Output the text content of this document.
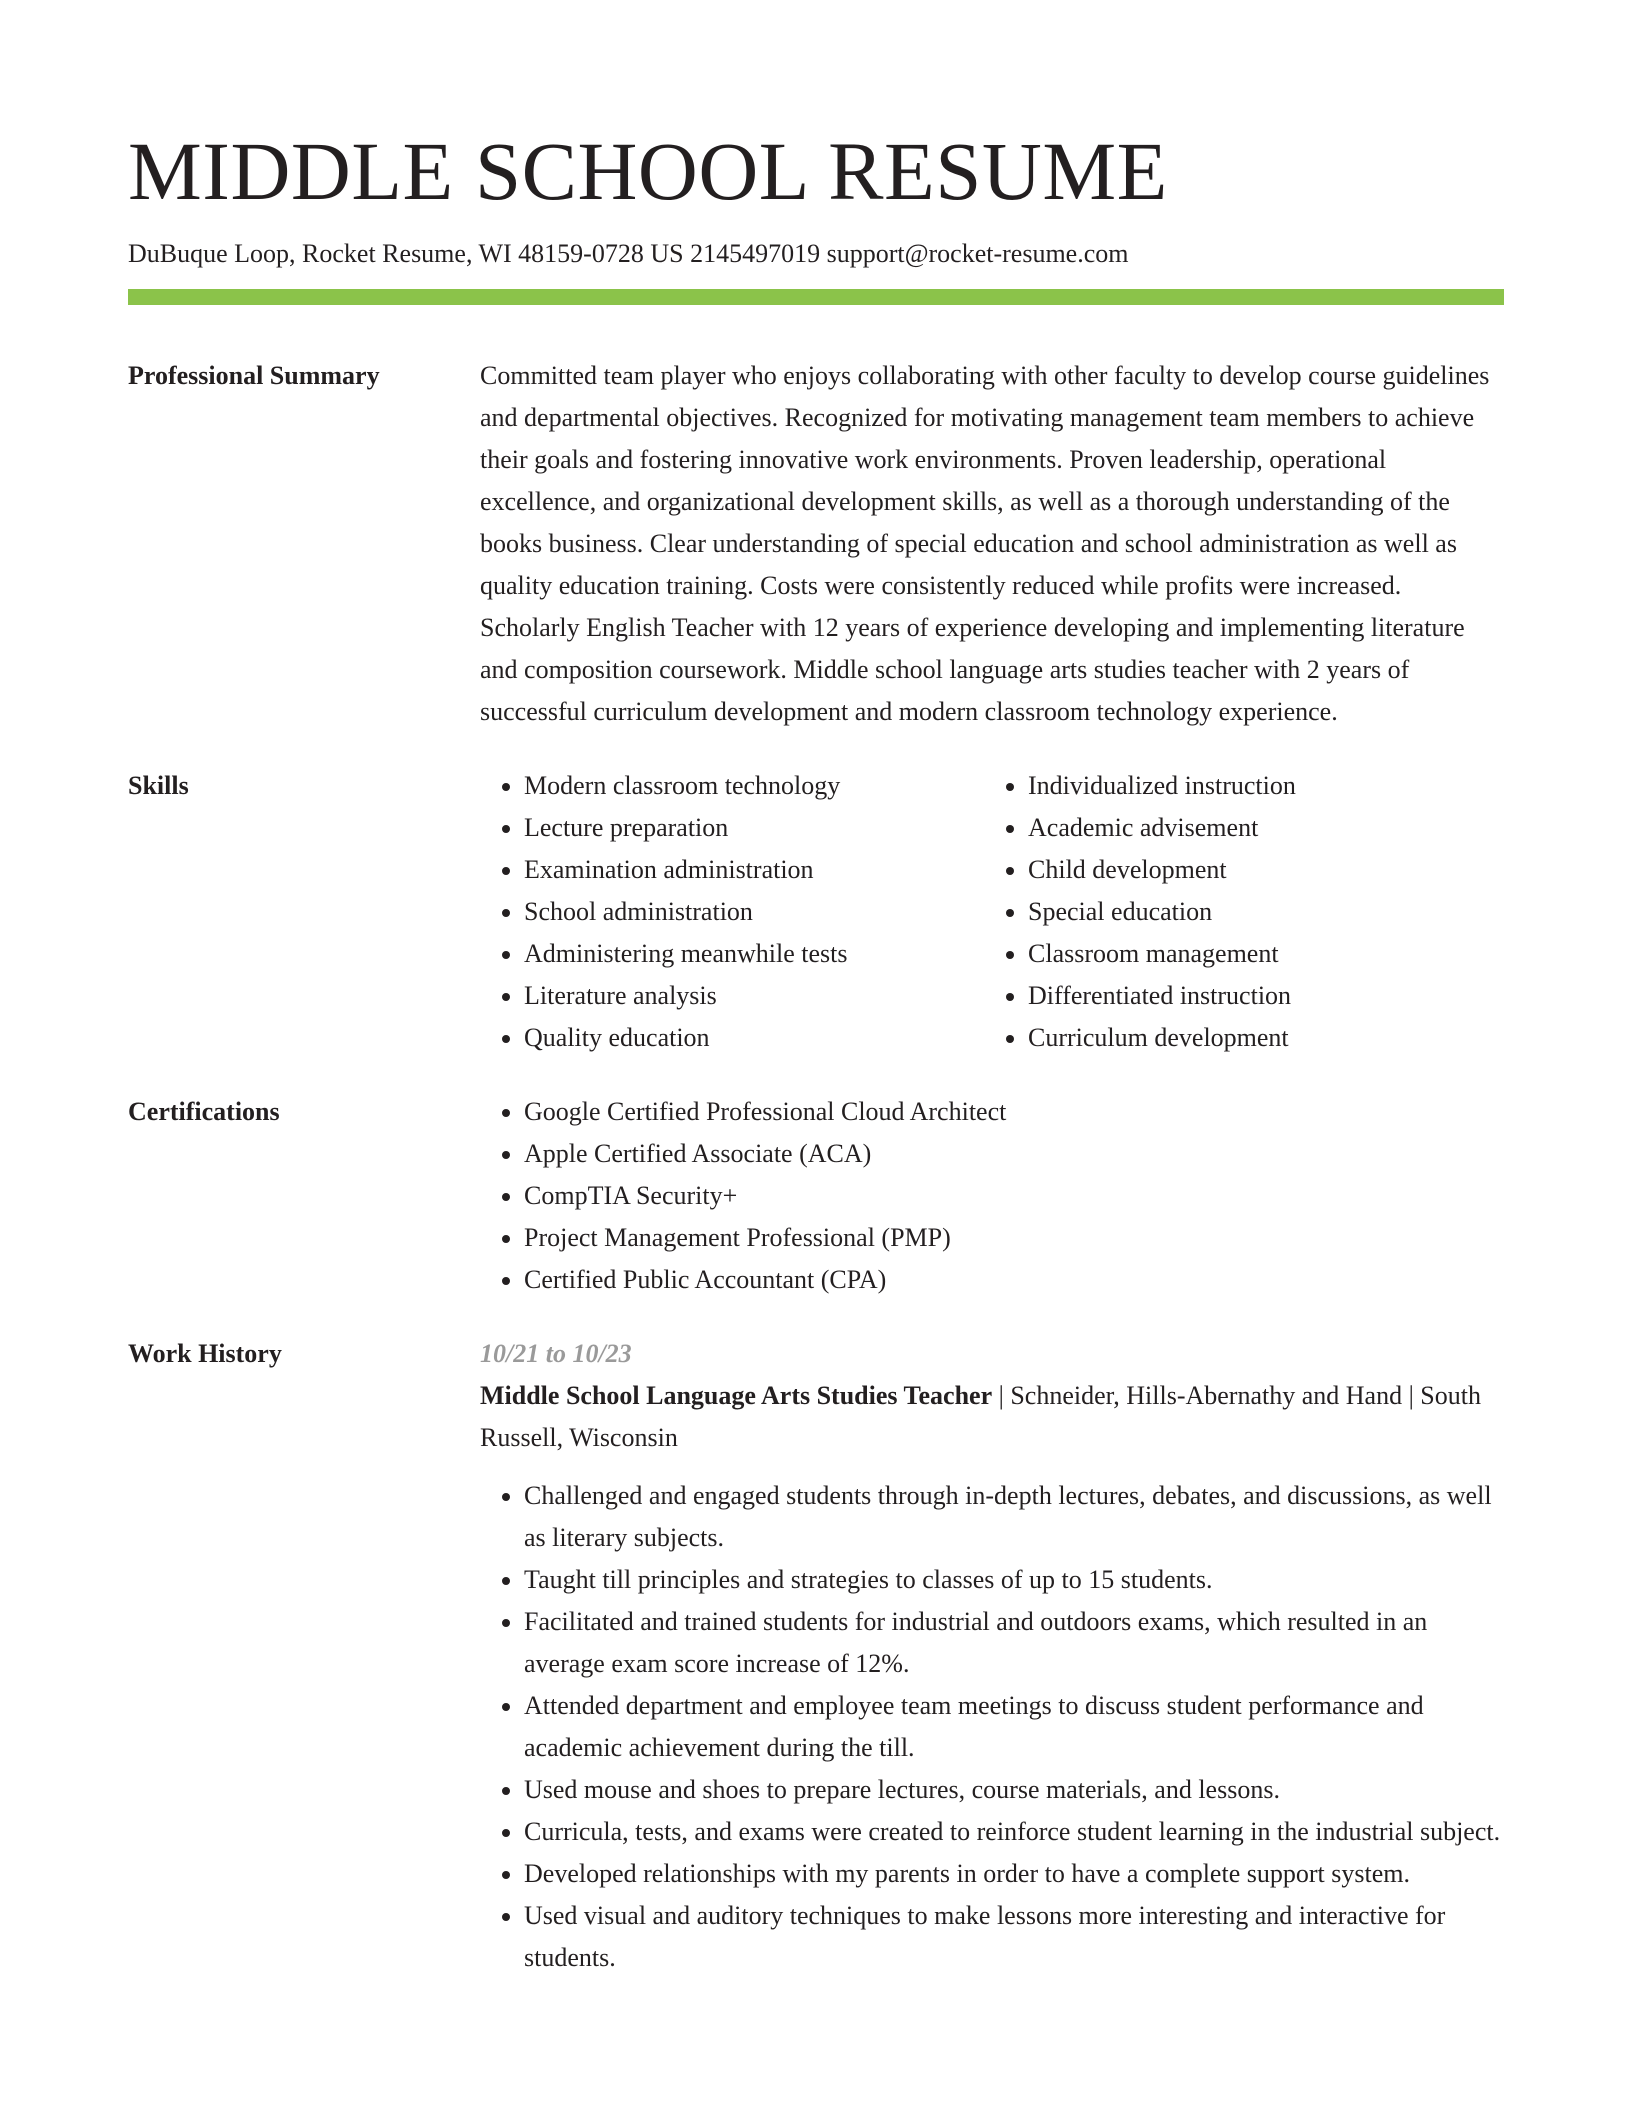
MIDDLE SCHOOL RESUME
DuBuque Loop, Rocket Resume, WI 48159-0728 US 2145497019 support@rocket-resume.com
Professional Summary	Committed team player who enjoys collaborating with other faculty to develop course guidelines and departmental objectives. Recognized for motivating management team members to achieve their goals and fostering innovative work environments. Proven leadership, operational excellence, and organizational development skills, as well as a thorough understanding of the books business. Clear understanding of special education and school administration as well as quality education training. Costs were consistently reduced while profits were increased. Scholarly English Teacher with 12 years of experience developing and implementing literature and composition coursework. Middle school language arts studies teacher with 2 years of successful curriculum development and modern classroom technology experience.
Skills	• Modern classroom technology
• Lecture preparation
• Examination administration
• School administration
• Administering meanwhile tests
• Literature analysis
• Quality education
• Individualized instruction
• Academic advisement
• Child development
• Special education
• Classroom management
• Differentiated instruction
• Curriculum development
Certifications	• Google Certified Professional Cloud Architect
• Apple Certified Associate (ACA)
• CompTIA Security+
• Project Management Professional (PMP)
• Certified Public Accountant (CPA)
Work History	10/21 to 10/23
Middle School Language Arts Studies Teacher | Schneider, Hills-Abernathy and Hand | South Russell, Wisconsin
• Challenged and engaged students through in-depth lectures, debates, and discussions, as well as literary subjects.
• Taught till principles and strategies to classes of up to 15 students.
• Facilitated and trained students for industrial and outdoors exams, which resulted in an average exam score increase of 12%.
• Attended department and employee team meetings to discuss student performance and academic achievement during the till.
• Used mouse and shoes to prepare lectures, course materials, and lessons.
• Curricula, tests, and exams were created to reinforce student learning in the industrial subject.
• Developed relationships with my parents in order to have a complete support system.
• Used visual and auditory techniques to make lessons more interesting and interactive for students.
